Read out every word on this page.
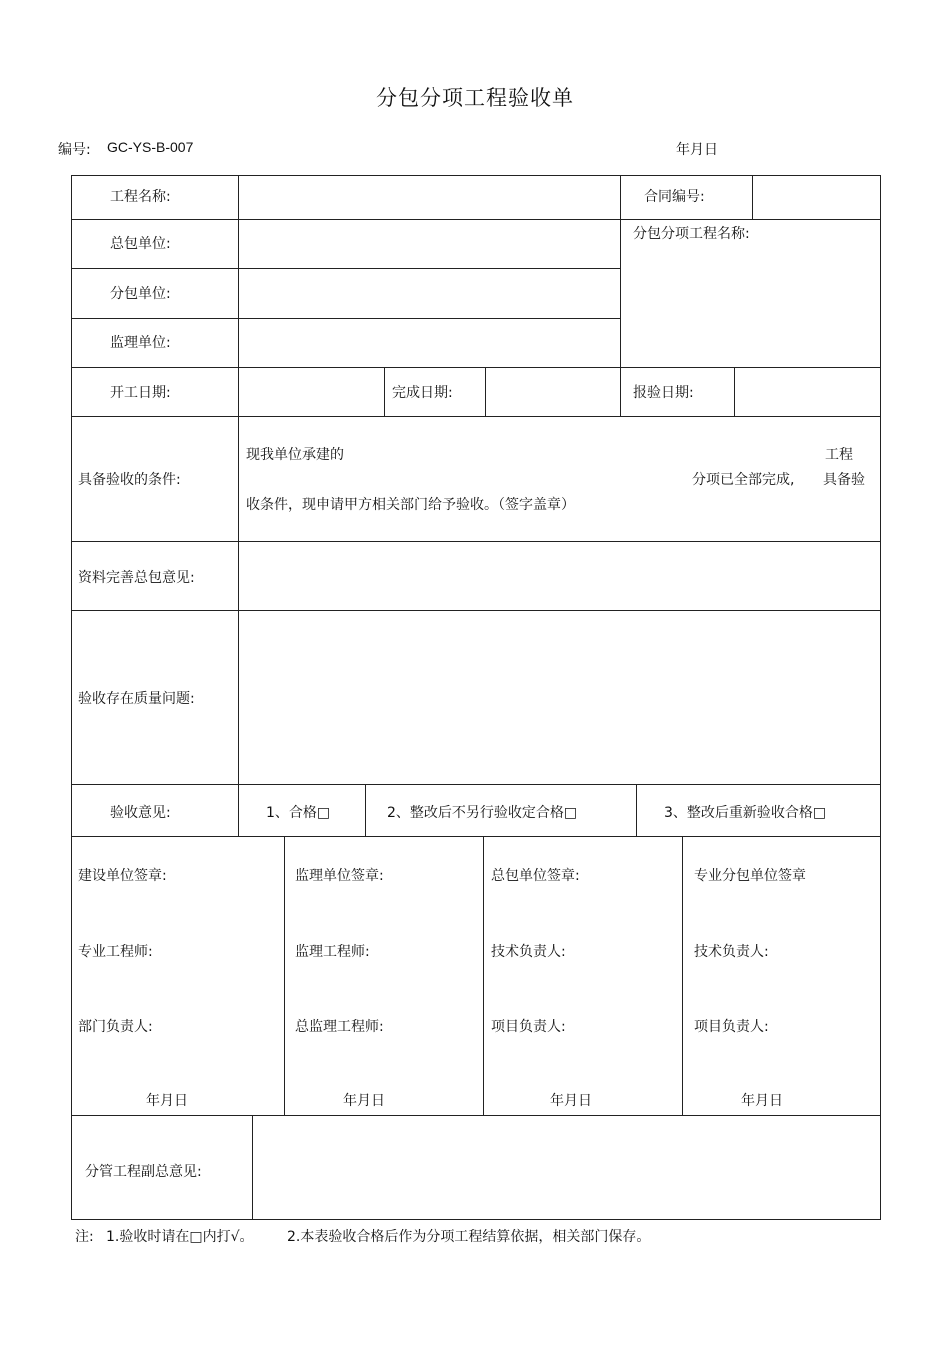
分包分项工程验收单
编号: GC-YS-B-007	年月日
工程名称:	合同编号:
总包单位:
分包分项工程名称:
分包单位:
监理单位:
开工日期:	完成日期:	报验日期:
具备验收的条件:
现我单位承建的	工程
分项已全部完成, 具备验
收条件，现申请甲方相关部门给予验收。（签字盖章）
资料完善总包意见:
验收存在质量问题:
验收意见:	1、合格□	2、整改后不另行验收定合格□	3、整改后重新验收合格□
建设单位签章:
专业工程师:
部门负责人:
年月日
监理单位签章:
监理工程师:
总监理工程师:
年月日
总包单位签章:
技术负责人:
项目负责人:
年月日
专业分包单位签章
技术负责人:
项目负责人:
年月日
分管工程副总意见:
注: 1.验收时请在□内打√。 2.本表验收合格后作为分项工程结算依据，相关部门保存。
